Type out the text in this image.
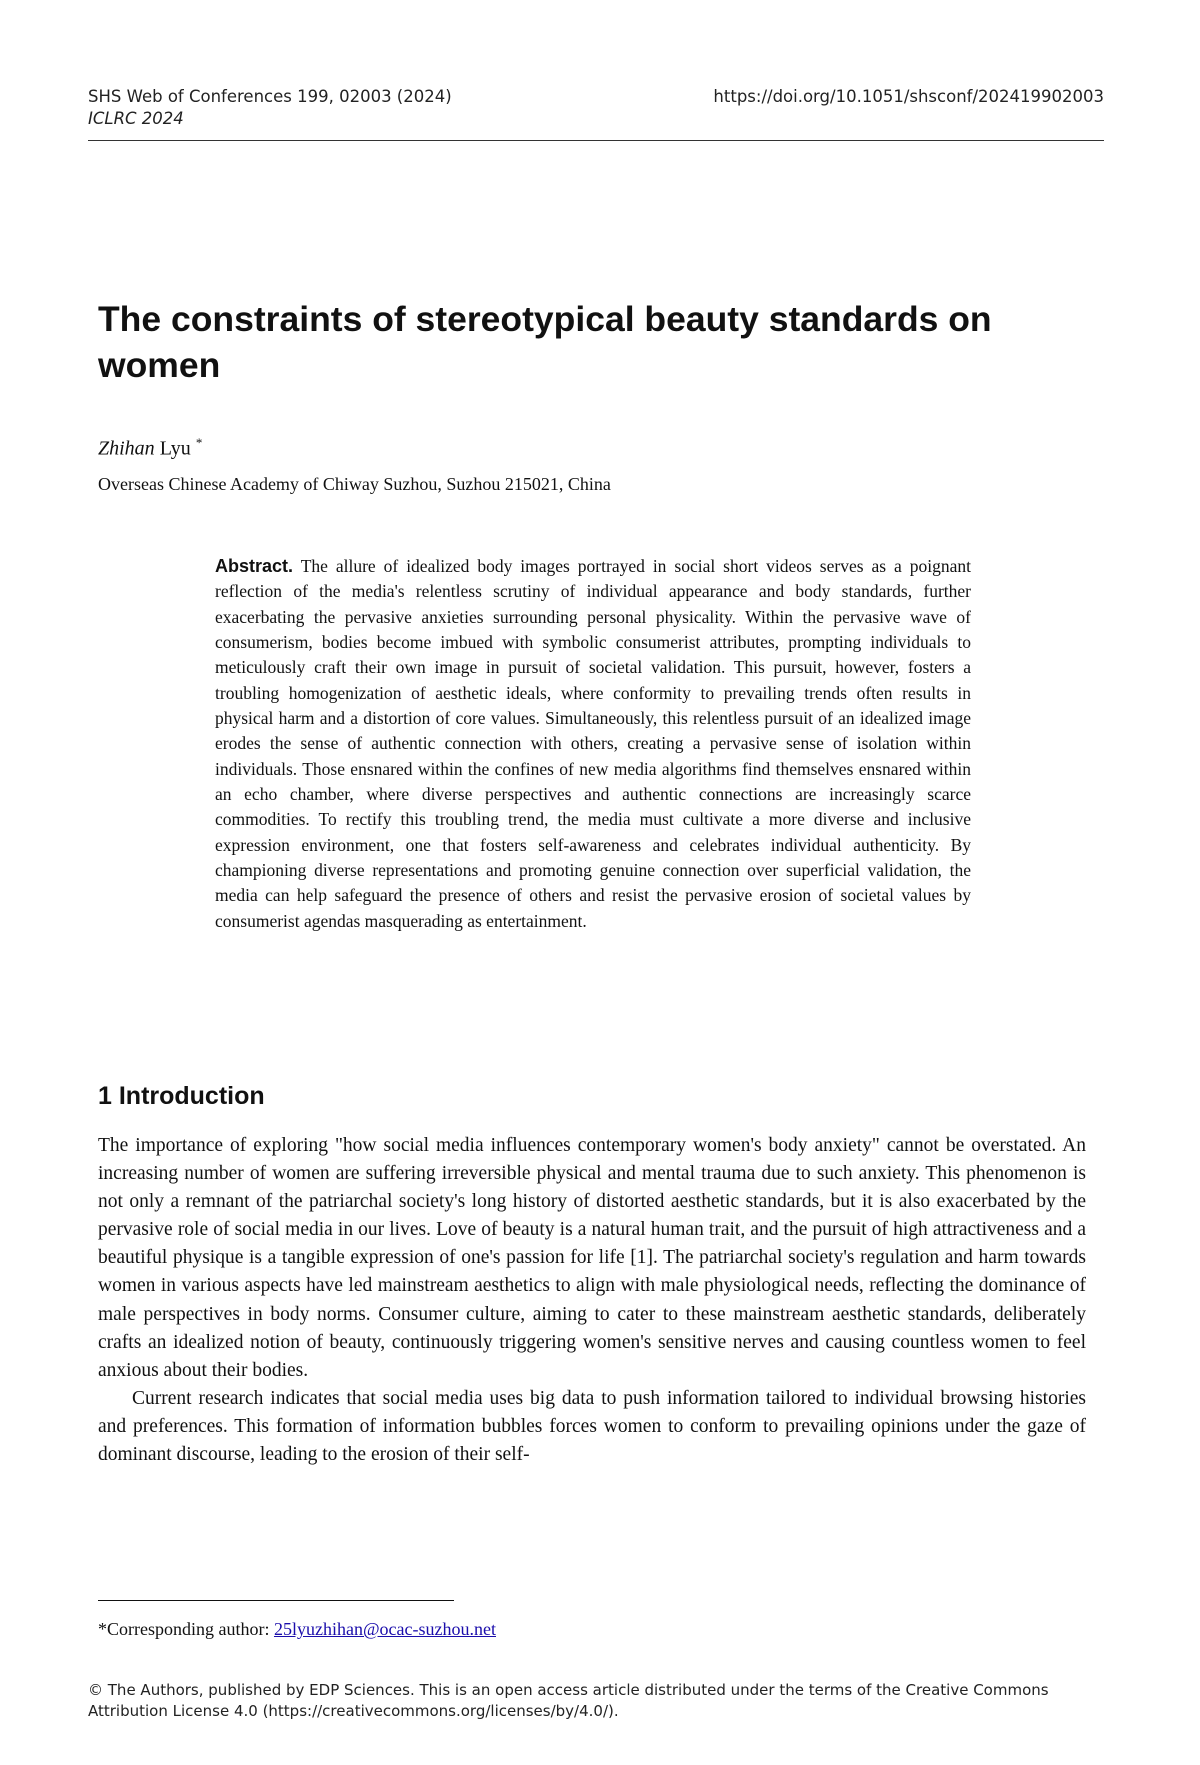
SHS Web of Conferences 199, 02003 (2024)	https://doi.org/10.1051/shsconf/202419902003
ICLRC 2024
The constraints of stereotypical beauty standards on women
Zhihan Lyu *
Overseas Chinese Academy of Chiway Suzhou, Suzhou 215021, China

Abstract. The allure of idealized body images portrayed in social short videos serves as a poignant reflection of the media's relentless scrutiny of individual appearance and body standards, further exacerbating the pervasive anxieties surrounding personal physicality. Within the pervasive wave of consumerism, bodies become imbued with symbolic consumerist attributes, prompting individuals to meticulously craft their own image in pursuit of societal validation. This pursuit, however, fosters a troubling homogenization of aesthetic ideals, where conformity to prevailing trends often results in physical harm and a distortion of core values. Simultaneously, this relentless pursuit of an idealized image erodes the sense of authentic connection with others, creating a pervasive sense of isolation within individuals. Those ensnared within the confines of new media algorithms find themselves ensnared within an echo chamber, where diverse perspectives and authentic connections are increasingly scarce commodities. To rectify this troubling trend, the media must cultivate a more diverse and inclusive expression environment, one that fosters self-awareness and celebrates individual authenticity. By championing diverse representations and promoting genuine connection over superficial validation, the media can help safeguard the presence of others and resist the pervasive erosion of societal values by consumerist agendas masquerading as entertainment.

1 Introduction

The importance of exploring "how social media influences contemporary women's body anxiety" cannot be overstated. An increasing number of women are suffering irreversible physical and mental trauma due to such anxiety. This phenomenon is not only a remnant of the patriarchal society's long history of distorted aesthetic standards, but it is also exacerbated by the pervasive role of social media in our lives. Love of beauty is a natural human trait, and the pursuit of high attractiveness and a beautiful physique is a tangible expression of one's passion for life [1]. The patriarchal society's regulation and harm towards women in various aspects have led mainstream aesthetics to align with male physiological needs, reflecting the dominance of male perspectives in body norms. Consumer culture, aiming to cater to these mainstream aesthetic standards, deliberately crafts an idealized notion of beauty, continuously triggering women's sensitive nerves and causing countless women to feel anxious about their bodies.

Current research indicates that social media uses big data to push information tailored to individual browsing histories and preferences. This formation of information bubbles forces women to conform to prevailing opinions under the gaze of dominant discourse, leading to the erosion of their self-

*Corresponding author: 25lyuzhihan@ocac-suzhou.net
© The Authors, published by EDP Sciences. This is an open access article distributed under the terms of the Creative Commons Attribution License 4.0 (https://creativecommons.org/licenses/by/4.0/).
